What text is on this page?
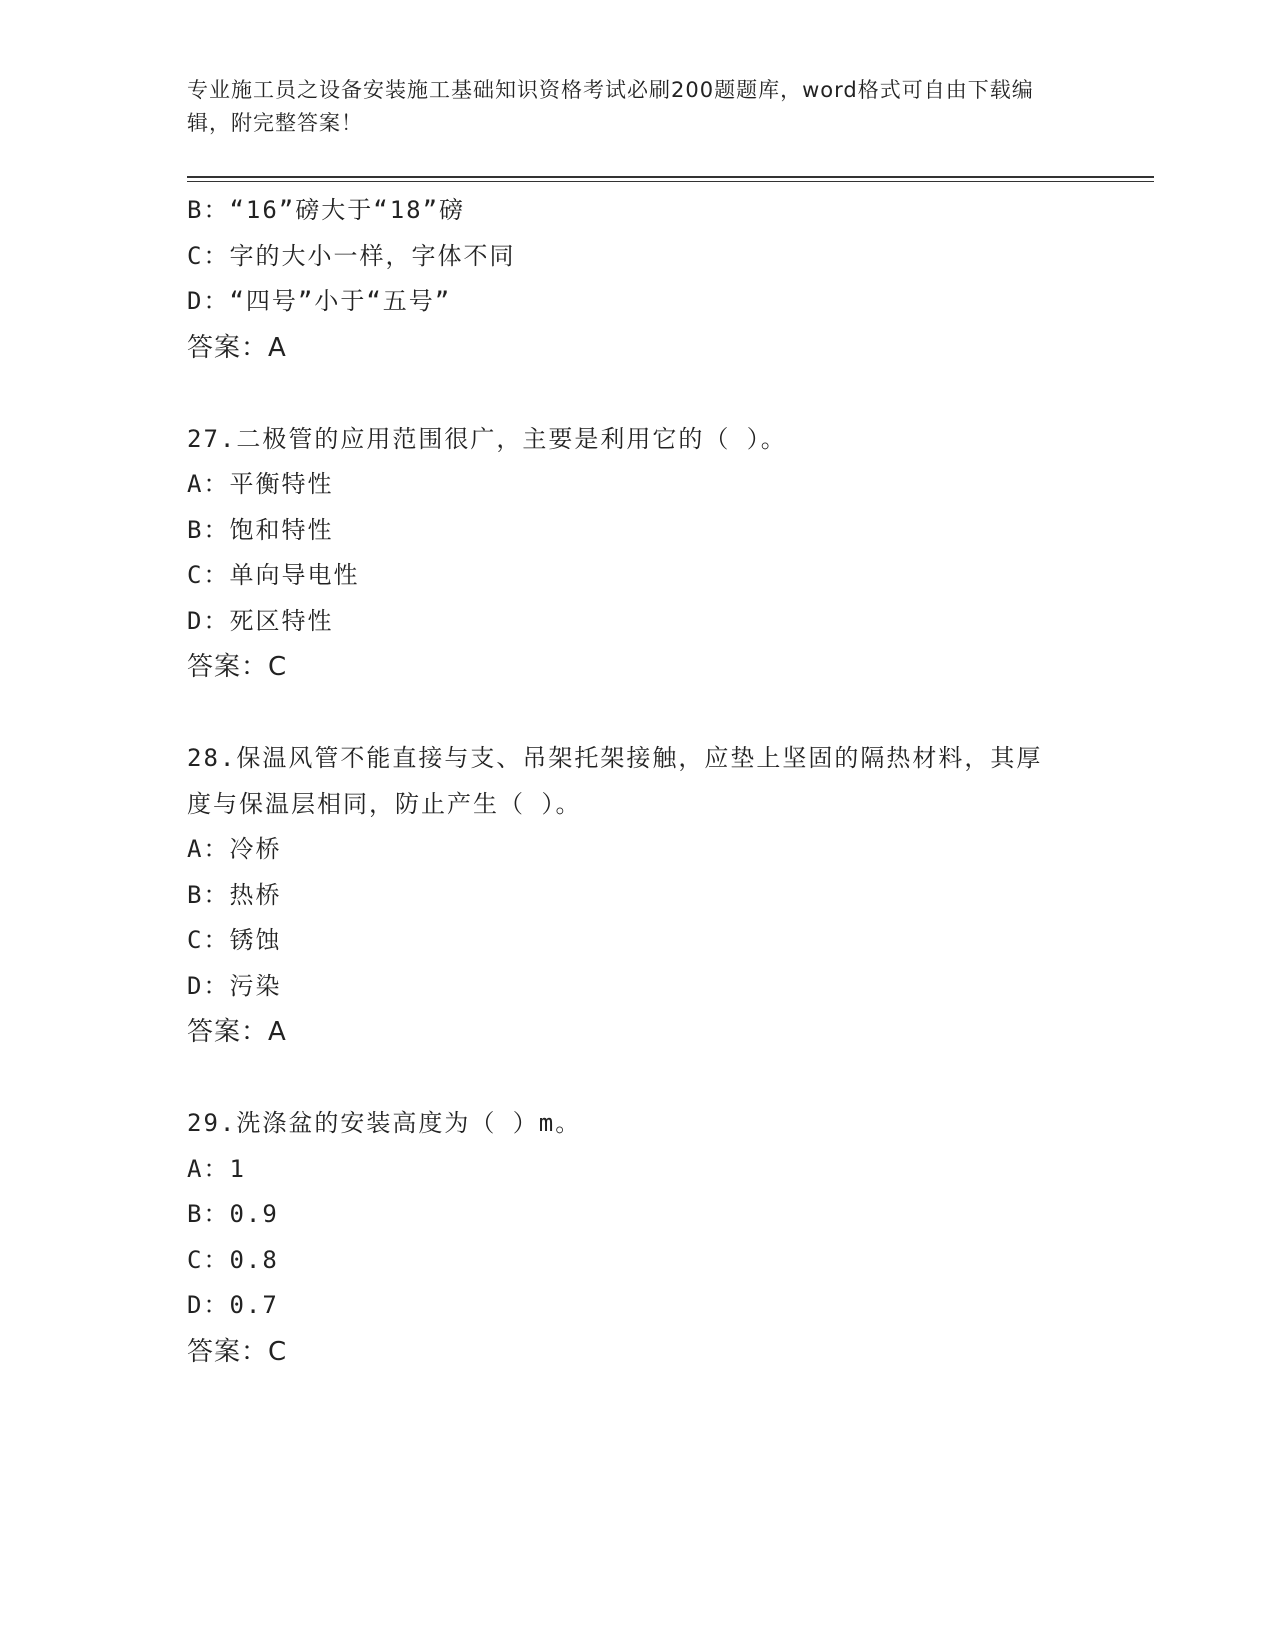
专业施工员之设备安装施工基础知识资格考试必刷200题题库，word格式可自由下载编辑，附完整答案！
B：“16”磅大于“18”磅
C：字的大小一样，字体不同
D：“四号”小于“五号”
答案：A
27.二极管的应用范围很广，主要是利用它的（ ）。
A：平衡特性
B：饱和特性
C：单向导电性
D：死区特性
答案：C
28.保温风管不能直接与支、吊架托架接触，应垫上坚固的隔热材料，其厚度与保温层相同，防止产生（ ）。
A：冷桥
B：热桥
C：锈蚀
D：污染
答案：A
29.洗涤盆的安装高度为（ ）m。
A：1
B：0.9
C：0.8
D：0.7
答案：C
